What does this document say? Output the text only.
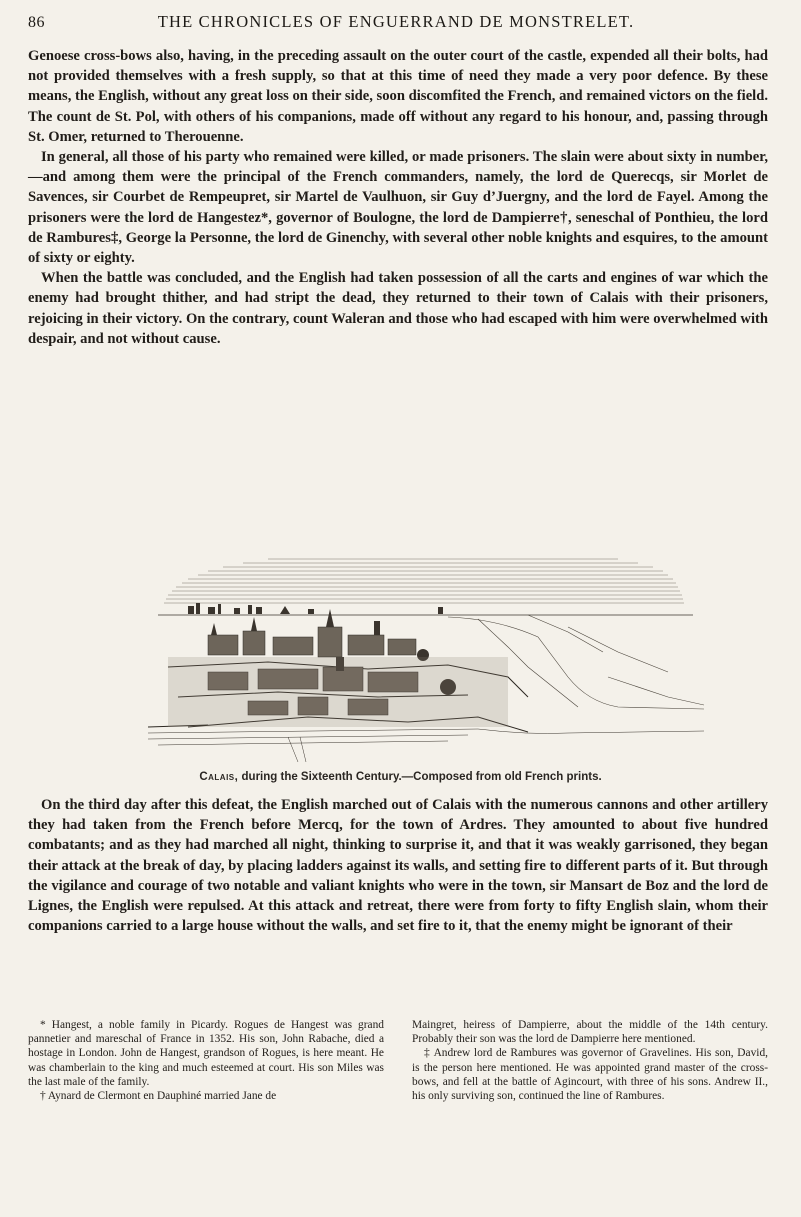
86	THE CHRONICLES OF ENGUERRAND DE MONSTRELET.

Genoese cross-bows also, having, in the preceding assault on the outer court of the castle, expended all their bolts, had not provided themselves with a fresh supply, so that at this time of need they made a very poor defence. By these means, the English, without any great loss on their side, soon discomfited the French, and remained victors on the field. The count de St. Pol, with others of his companions, made off without any regard to his honour, and, passing through St. Omer, returned to Therouenne.

In general, all those of his party who remained were killed, or made prisoners. The slain were about sixty in number,—and among them were the principal of the French commanders, namely, the lord de Querecqs, sir Morlet de Savences, sir Courbet de Rempeupret, sir Martel de Vaulhuon, sir Guy d’Juergny, and the lord de Fayel. Among the prisoners were the lord de Hangestez*, governor of Boulogne, the lord de Dampierre†, seneschal of Ponthieu, the lord de Rambures‡, George la Personne, the lord de Ginenchy, with several other noble knights and esquires, to the amount of sixty or eighty.

When the battle was concluded, and the English had taken possession of all the carts and engines of war which the enemy had brought thither, and had stript the dead, they returned to their town of Calais with their prisoners, rejoicing in their victory. On the contrary, count Waleran and those who had escaped with him were overwhelmed with despair, and not without cause.

Calais, during the Sixteenth Century.—Composed from old French prints.

On the third day after this defeat, the English marched out of Calais with the numerous cannons and other artillery they had taken from the French before Mercq, for the town of Ardres. They amounted to about five hundred combatants; and as they had marched all night, thinking to surprise it, and that it was weakly garrisoned, they began their attack at the break of day, by placing ladders against its walls, and setting fire to different parts of it. But through the vigilance and courage of two notable and valiant knights who were in the town, sir Mansart de Boz and the lord de Lignes, the English were repulsed. At this attack and retreat, there were from forty to fifty English slain, whom their companions carried to a large house without the walls, and set fire to it, that the enemy might be ignorant of their

* Hangest, a noble family in Picardy. Rogues de Hangest was grand pannetier and mareschal of France in 1352. His son, John Rabache, died a hostage in London. John de Hangest, grandson of Rogues, is here meant. He was chamberlain to the king and much esteemed at court. His son Miles was the last male of the family.

† Aynard de Clermont en Dauphiné married Jane de

Maingret, heiress of Dampierre, about the middle of the 14th century. Probably their son was the lord de Dampierre here mentioned.

‡ Andrew lord de Rambures was governor of Gravelines. His son, David, is the person here mentioned. He was appointed grand master of the cross-bows, and fell at the battle of Agincourt, with three of his sons. Andrew II., his only surviving son, continued the line of Rambures.
